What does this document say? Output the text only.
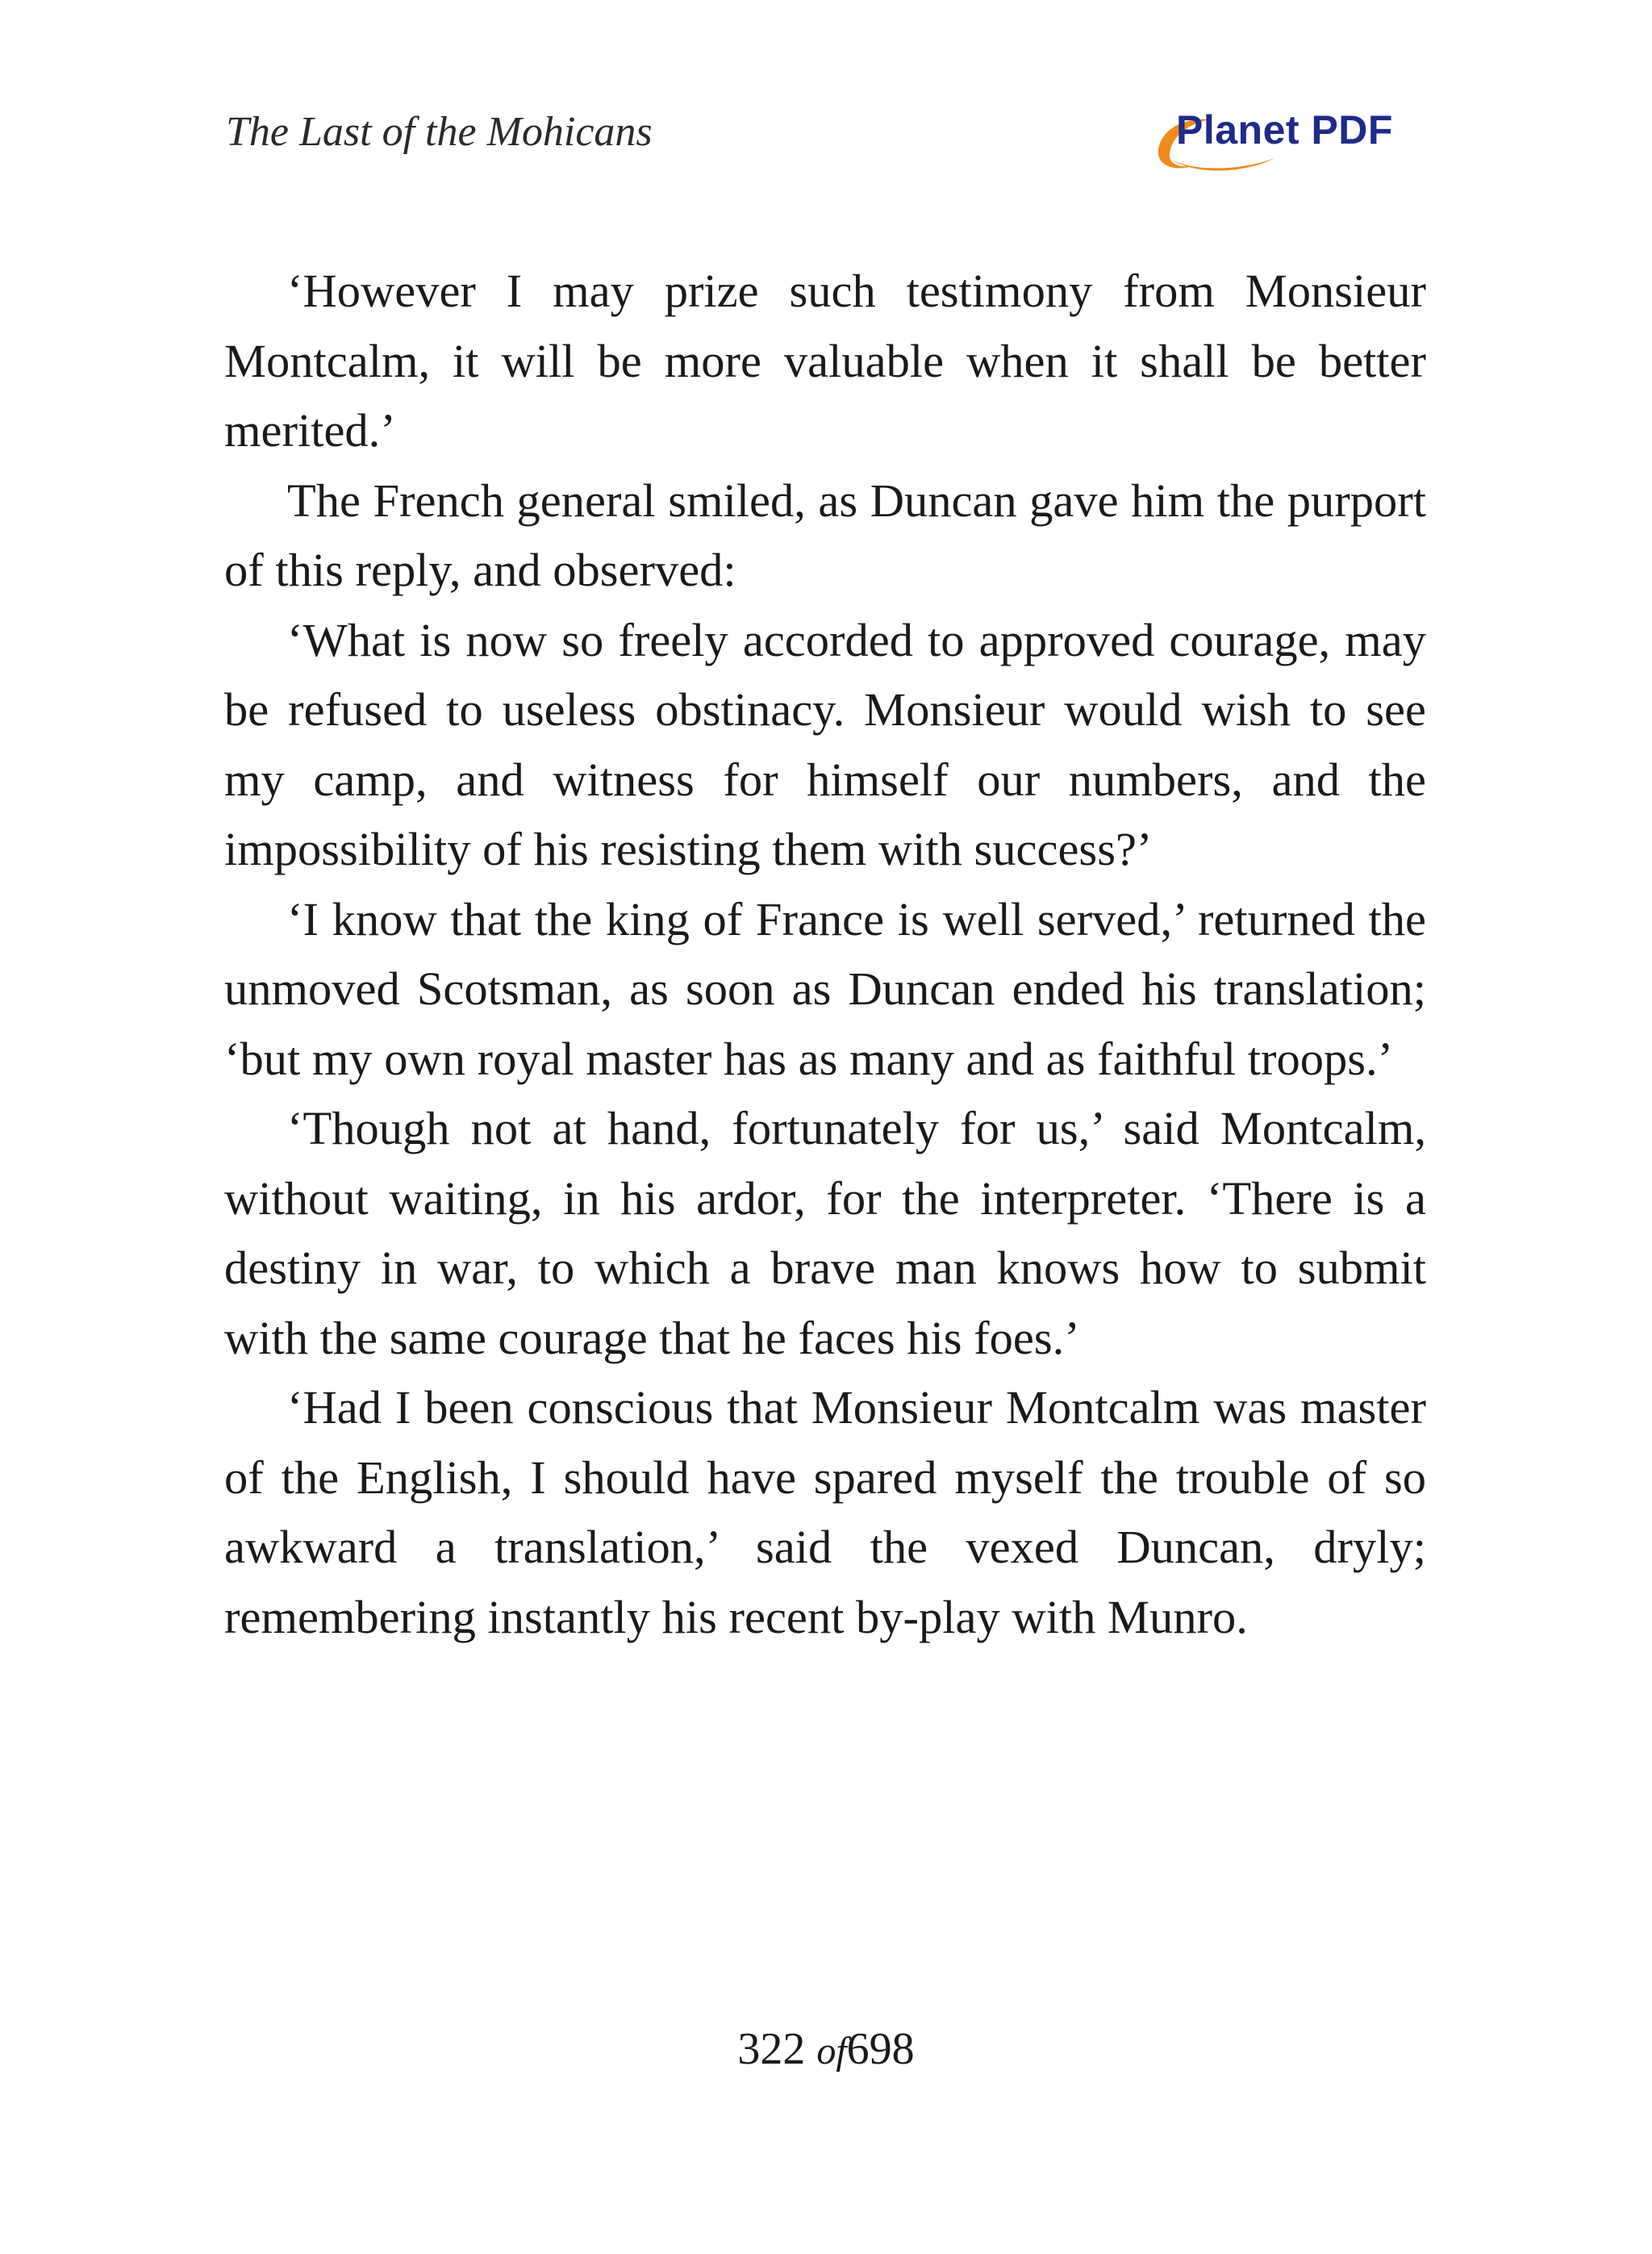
The Last of the Mohicans	Planet PDF

‘However I may prize such testimony from Monsieur Montcalm, it will be more valuable when it shall be better merited.’

The French general smiled, as Duncan gave him the purport of this reply, and observed:

‘What is now so freely accorded to approved courage, may be refused to useless obstinacy. Monsieur would wish to see my camp, and witness for himself our numbers, and the impossibility of his resisting them with success?’

‘I know that the king of France is well served,’ returned the unmoved Scotsman, as soon as Duncan ended his translation; ‘but my own royal master has as many and as faithful troops.’

‘Though not at hand, fortunately for us,’ said Montcalm, without waiting, in his ardor, for the interpreter. ‘There is a destiny in war, to which a brave man knows how to submit with the same courage that he faces his foes.’

‘Had I been conscious that Monsieur Montcalm was master of the English, I should have spared myself the trouble of so awkward a translation,’ said the vexed Duncan, dryly; remembering instantly his recent by-play with Munro.

322 of698
